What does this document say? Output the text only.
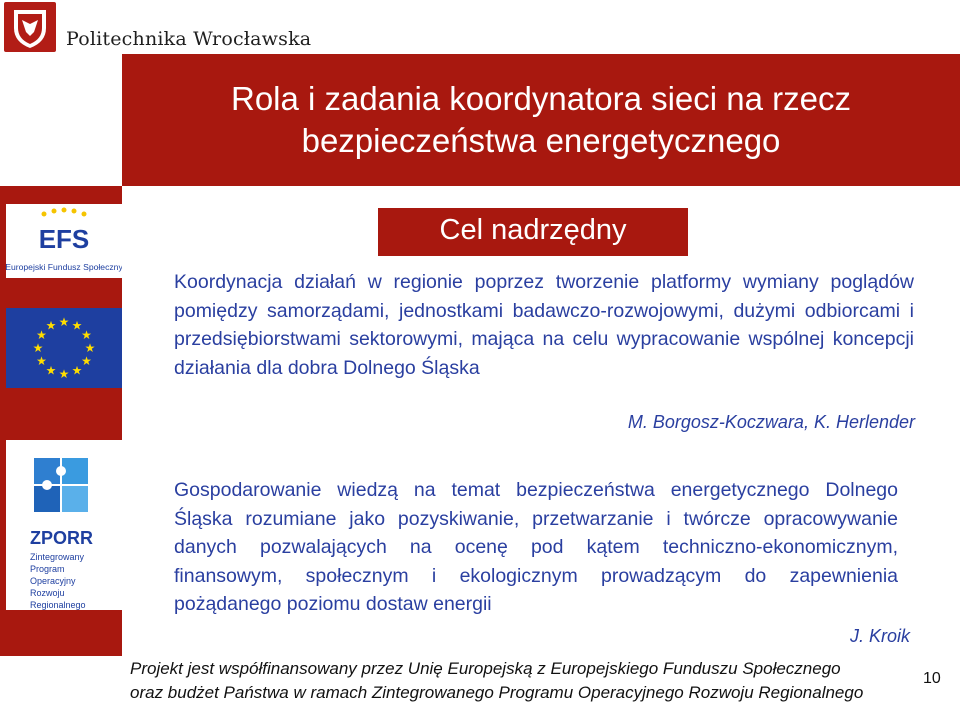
Politechnika Wrocławska
Rola i zadania koordynatora sieci na rzecz
bezpieczeństwa energetycznego
EFS
Europejski Fundusz Społeczny
★ ★
★
★
★
★
★
★
★
★
★
★
ZPORR
Zintegrowany Program Operacyjny Rozwoju Regionalnego
Cel nadrzędny
Koordynacja działań w regionie poprzez tworzenie platformy wymiany poglądów pomiędzy samorządami, jednostkami badawczo-rozwojowymi, dużymi odbiorcami i przedsiębiorstwami sektorowymi, mająca na celu wypracowanie wspólnej koncepcji działania dla dobra Dolnego Śląska
M. Borgosz-Koczwara, K. Herlender
Gospodarowanie wiedzą na temat bezpieczeństwa energetycznego Dolnego Śląska rozumiane jako pozyskiwanie, przetwarzanie i twórcze opracowywanie danych pozwalających na ocenę pod kątem techniczno-ekonomicznym, finansowym, społecznym i ekologicznym prowadzącym do zapewnienia pożądanego poziomu dostaw energii
J. Kroik
Projekt jest współfinansowany przez Unię Europejską z Europejskiego Funduszu Społecznego
oraz budżet Państwa w ramach Zintegrowanego Programu Operacyjnego Rozwoju Regionalnego
10
